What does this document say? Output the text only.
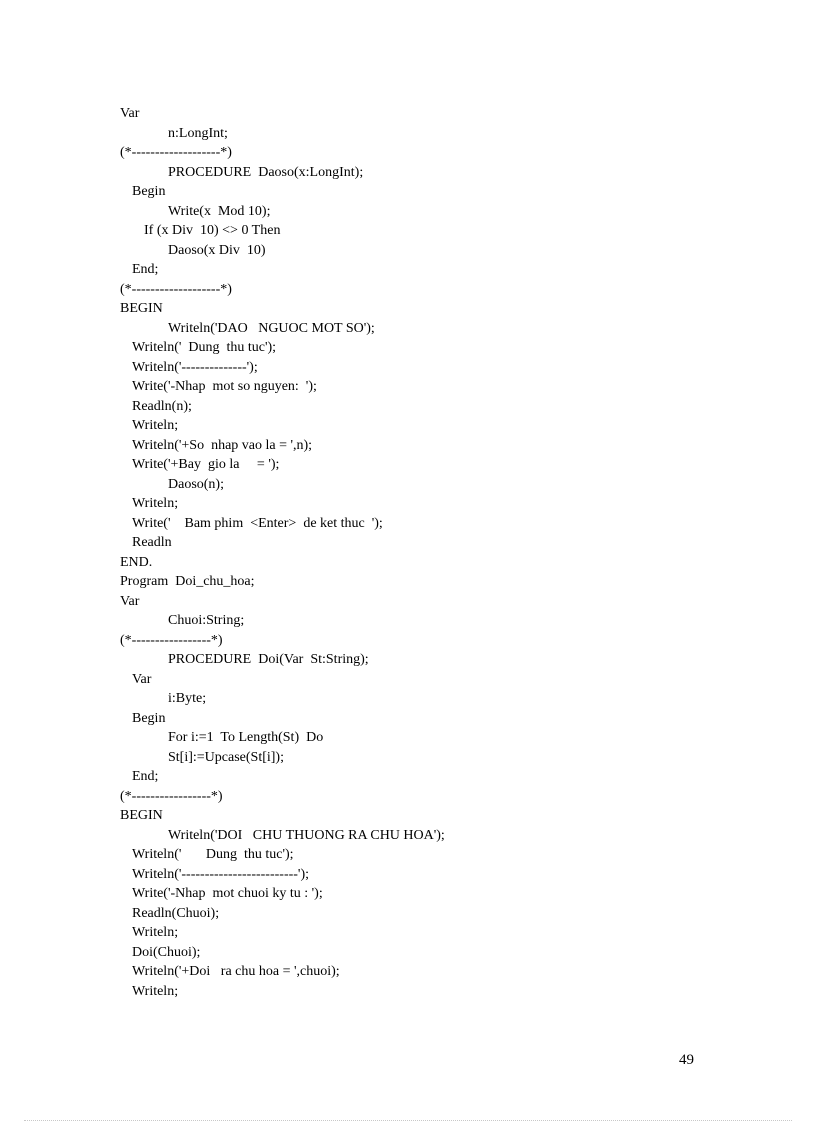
Var
n:LongInt;
(*-------------------*)
PROCEDURE  Daoso(x:LongInt);
Begin
Write(x  Mod 10);
If (x Div  10) <> 0 Then
Daoso(x Div  10)
End;
(*-------------------*)
BEGIN
Writeln('DAO   NGUOC MOT SO');
Writeln('  Dung  thu tuc');
Writeln('--------------');
Write('-Nhap  mot so nguyen:  ');
Readln(n);
Writeln;
Writeln('+So  nhap vao la = ',n);
Write('+Bay  gio la     = ');
Daoso(n);
Writeln;
Write('    Bam phim  <Enter>  de ket thuc  ');
Readln
END.
Program  Doi_chu_hoa;
Var
Chuoi:String;
(*-----------------*)
PROCEDURE  Doi(Var  St:String);
Var
i:Byte;
Begin
For i:=1  To Length(St)  Do
St[i]:=Upcase(St[i]);
End;
(*-----------------*)
BEGIN
Writeln('DOI   CHU THUONG RA CHU HOA');
Writeln('       Dung  thu tuc');
Writeln('-------------------------');
Write('-Nhap  mot chuoi ky tu : ');
Readln(Chuoi);
Writeln;
Doi(Chuoi);
Writeln('+Doi   ra chu hoa = ',chuoi);
Writeln;
49
